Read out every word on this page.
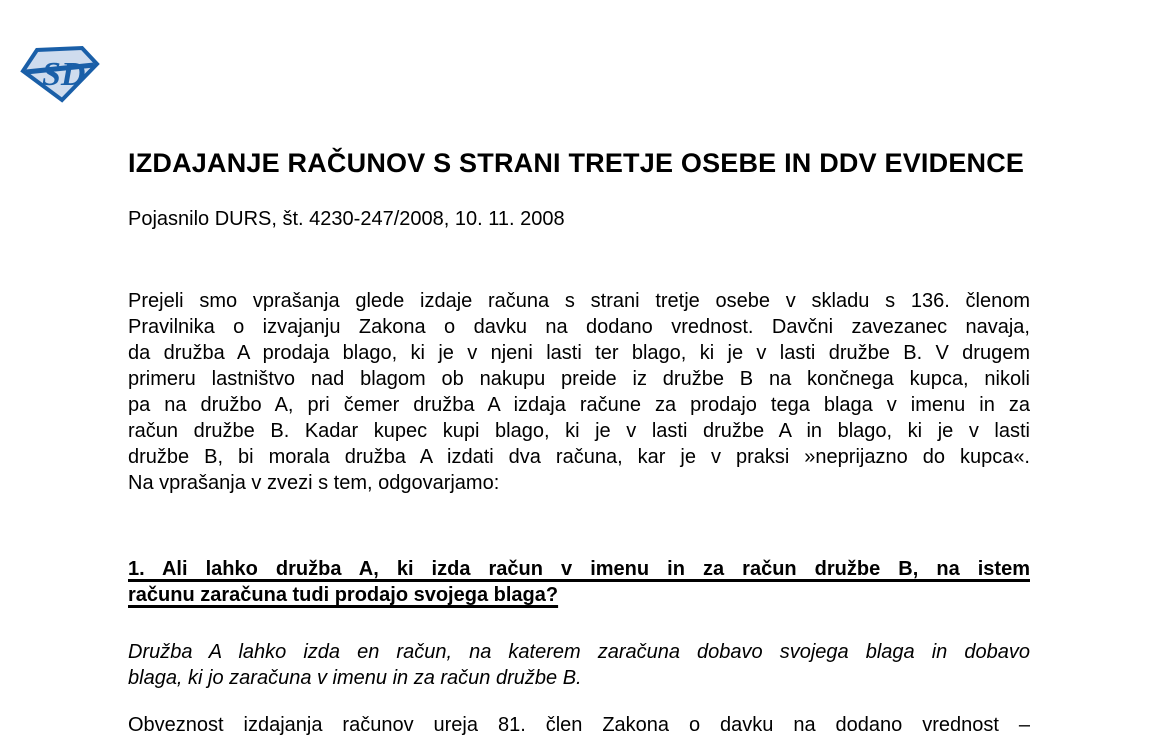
SD
IZDAJANJE RAČUNOV S STRANI TRETJE OSEBE IN DDV EVIDENCE
Pojasnilo DURS, št. 4230-247/2008, 10. 11. 2008
Prejeli smo vprašanja glede izdaje računa s strani tretje osebe v skladu s 136. členom
Pravilnika o izvajanju Zakona o davku na dodano vrednost. Davčni zavezanec navaja,
da družba A prodaja blago, ki je v njeni lasti ter blago, ki je v lasti družbe B. V drugem
primeru lastništvo nad blagom ob nakupu preide iz družbe B na končnega kupca, nikoli
pa na družbo A, pri čemer družba A izdaja račune za prodajo tega blaga v imenu in za
račun družbe B. Kadar kupec kupi blago, ki je v lasti družbe A in blago, ki je v lasti
družbe B, bi morala družba A izdati dva računa, kar je v praksi »neprijazno do kupca«.
Na vprašanja v zvezi s tem, odgovarjamo:
1. Ali lahko družba A, ki izda račun v imenu in za račun družbe B, na istem
računu zaračuna tudi prodajo svojega blaga?
Družba A lahko izda en račun, na katerem zaračuna dobavo svojega blaga in dobavo
blaga, ki jo zaračuna v imenu in za račun družbe B.
Obveznost izdajanja računov ureja 81. člen Zakona o davku na dodano vrednost –
